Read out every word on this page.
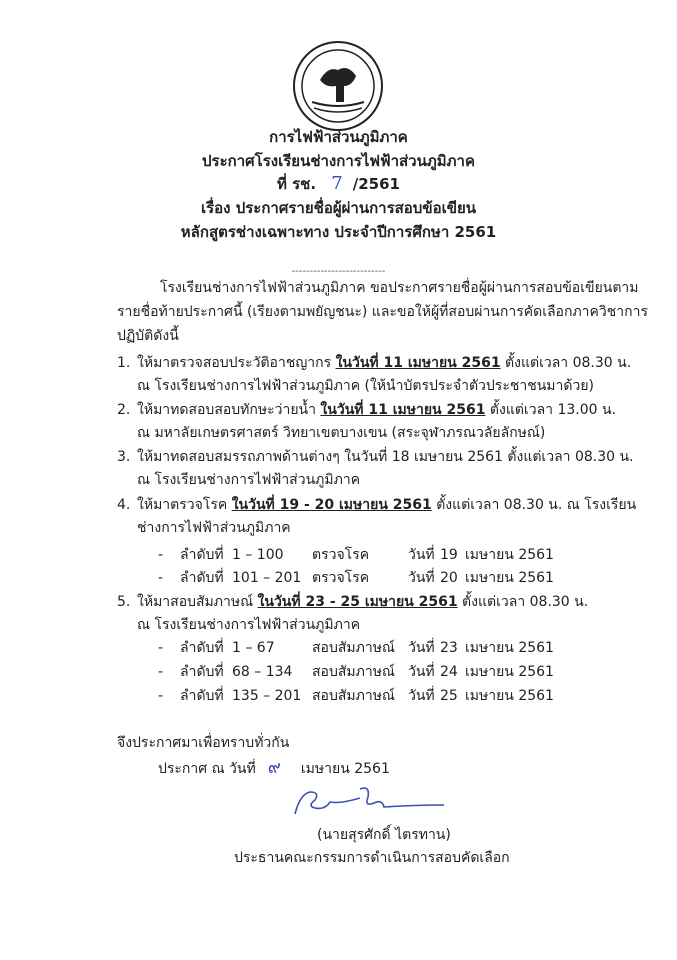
การไฟฟ้าส่วนภูมิภาค
ประกาศโรงเรียนช่างการไฟฟ้าส่วนภูมิภาค
ที่ รช. 7 /2561
เรื่อง ประกาศรายชื่อผู้ผ่านการสอบข้อเขียน
หลักสูตรช่างเฉพาะทาง ประจำปีการศึกษา 2561
--------------------------
โรงเรียนช่างการไฟฟ้าส่วนภูมิภาค ขอประกาศรายชื่อผู้ผ่านการสอบข้อเขียนตาม
รายชื่อท้ายประกาศนี้ (เรียงตามพยัญชนะ) และขอให้ผู้ที่สอบผ่านการคัดเลือกภาควิชาการ
ปฏิบัติดังนี้
1. ให้มาตรวจสอบประวัติอาชญากร ในวันที่ 11 เมษายน 2561 ตั้งแต่เวลา 08.30 น.
ณ โรงเรียนช่างการไฟฟ้าส่วนภูมิภาค (ให้นำบัตรประจำตัวประชาชนมาด้วย)
2. ให้มาทดสอบสอบทักษะว่ายน้ำ ในวันที่ 11 เมษายน 2561 ตั้งแต่เวลา 13.00 น.
ณ มหาลัยเกษตรศาสตร์ วิทยาเขตบางเขน (สระจุฬาภรณวลัยลักษณ์)
3. ให้มาทดสอบสมรรถภาพด้านต่างๆ ในวันที่ 18 เมษายน 2561 ตั้งแต่เวลา 08.30 น.
ณ โรงเรียนช่างการไฟฟ้าส่วนภูมิภาค
4. ให้มาตรวจโรค ในวันที่ 19 - 20 เมษายน 2561 ตั้งแต่เวลา 08.30 น. ณ โรงเรียน
ช่างการไฟฟ้าส่วนภูมิภาค
- ลำดับที่ 1 – 100 ตรวจโรค	วันที่ 19 เมษายน 2561
- ลำดับที่ 101 – 201 ตรวจโรค	วันที่ 20 เมษายน 2561
5. ให้มาสอบสัมภาษณ์ ในวันที่ 23 - 25 เมษายน 2561 ตั้งแต่เวลา 08.30 น.
ณ โรงเรียนช่างการไฟฟ้าส่วนภูมิภาค
- ลำดับที่ 1 – 67	สอบสัมภาษณ์ วันที่ 23 เมษายน 2561
- ลำดับที่ 68 – 134 สอบสัมภาษณ์ วันที่ 24 เมษายน 2561
- ลำดับที่ 135 – 201 สอบสัมภาษณ์ วันที่ 25 เมษายน 2561
จึงประกาศมาเพื่อทราบทั่วกัน
ประกาศ ณ วันที่ ๙ เมษายน 2561
(นายสุรศักดิ์ ไตรทาน)
ประธานคณะกรรมการดำเนินการสอบคัดเลือก
